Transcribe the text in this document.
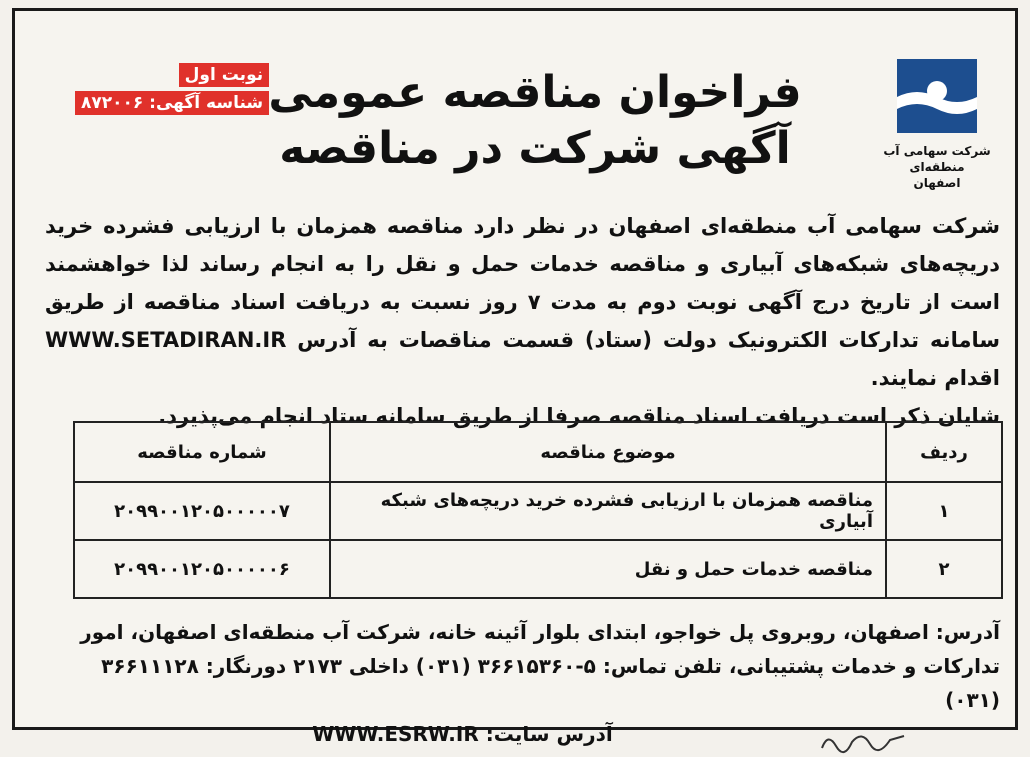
نوبت اول
شناسه آگهی: ۸۷۲۰۰۶
شرکت سهامی آب منطقه‌ای
اصفهان
فراخوان مناقصه عمومی
آگهی شرکت در مناقصه

شرکت سهامی آب منطقه‌ای اصفهان در نظر دارد مناقصه همزمان با ارزیابی فشرده خرید دریچه‌های شبکه‌های آبیاری و مناقصه خدمات حمل و نقل را به انجام رساند لذا خواهشمند است از تاریخ درج آگهی نوبت دوم به مدت ۷ روز نسبت به دریافت اسناد مناقصه از طریق سامانه تدارکات الکترونیک دولت (ستاد) قسمت مناقصات به آدرس WWW.SETADIRAN.IR اقدام نمایند.

شایان ذکر است دریافت اسناد مناقصه صرفا از طریق سامانه ستاد انجام می‌پذیرد.

ردیف	موضوع مناقصه	شماره مناقصه
۱	مناقصه همزمان با ارزیابی فشرده خرید دریچه‌های شبکه آبیاری	۲۰۹۹۰۰۱۲۰۵۰۰۰۰۰۷
۲	مناقصه خدمات حمل و نقل	۲۰۹۹۰۰۱۲۰۵۰۰۰۰۰۶

آدرس: اصفهان، روبروی پل خواجو، ابتدای بلوار آئینه خانه، شرکت آب منطقه‌ای اصفهان، امور تدارکات و خدمات پشتیبانی، تلفن تماس: ۵-۳۶۶۱۵۳۶۰ (۰۳۱) داخلی ۲۱۷۳ دورنگار: ۳۶۶۱۱۱۲۸ (۰۳۱)

آدرس سایت: WWW.ESRW.IR
